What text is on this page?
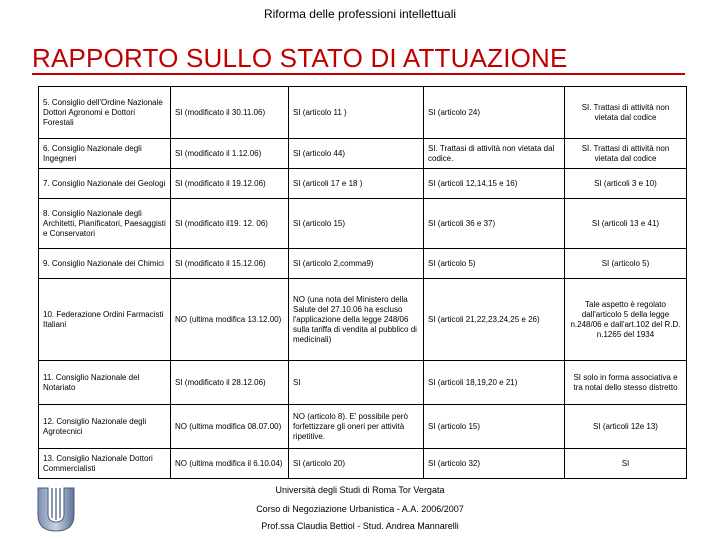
Riforma delle professioni intellettuali
RAPPORTO SULLO STATO DI ATTUAZIONE
5. Consiglio dell'Ordine Nazionale Dottori Agronomi e Dottori Forestali	SI (modificato il 30.11.06)	SI (articolo 11 )	SI (articolo 24)	SI. Trattasi di attività non vietata dal codice
6. Consiglio Nazionale degli Ingegneri	SI (modificato il 1.12.06)	SI (articolo 44)	SI. Trattasi di attività non vietata dal codice.	SI. Trattasi di attività non vietata dal codice
7. Consiglio Nazionale dei Geologi	SI (modificato il 19.12.06)	SI (articoli 17 e 18 )	SI (articoli 12,14,15 e 16)	SI (articoli 3 e 10)
8. Consiglio Nazionale degli Architetti, Pianificatori, Paesaggisti e Conservatori	SI (modificato il19. 12. 06)	SI (articolo 15)	SI (articoli 36 e 37)	SI (articoli 13 e 41)
9. Consiglio Nazionale dei Chimici	SI (modificato il 15.12.06)	SI (articolo 2,comma9)	SI (articolo 5)	SI (articolo 5)
10. Federazione Ordini Farmacisti Italiani	NO (ultima modifica 13.12.00)	NO (una nota del Ministero della Salute del 27.10.06 ha escluso l'applicazione della legge 248/06 sulla tariffa di vendita al pubblico di medicinali)	SI (articoli 21,22,23,24,25 e 26)	Tale aspetto è regolato dall'articolo 5 della legge n.248/06 e dall'art.102 del R.D. n.1265 del 1934
11. Consiglio Nazionale del Notariato	SI (modificato il 28.12.06)	SI	SI (articoli 18,19,20 e 21)	SI solo in forma associativa e tra notai dello stesso distretto
12. Consiglio Nazionale degli Agrotecnici	NO (ultima modifica 08.07.00)	NO (articolo 8). E' possibile però forfettizzare gli oneri per attività ripetitive.	SI (articolo 15)	SI (articoli 12e 13)
13. Consiglio Nazionale Dottori Commercialisti	NO (ultima modifica il 6.10.04)	SI (articolo 20)	SI (articolo 32)	SI
Università degli Studi di Roma Tor Vergata
Corso di Negoziazione Urbanistica - A.A. 2006/2007
Prof.ssa Claudia Bettiol - Stud. Andrea Mannarelli
